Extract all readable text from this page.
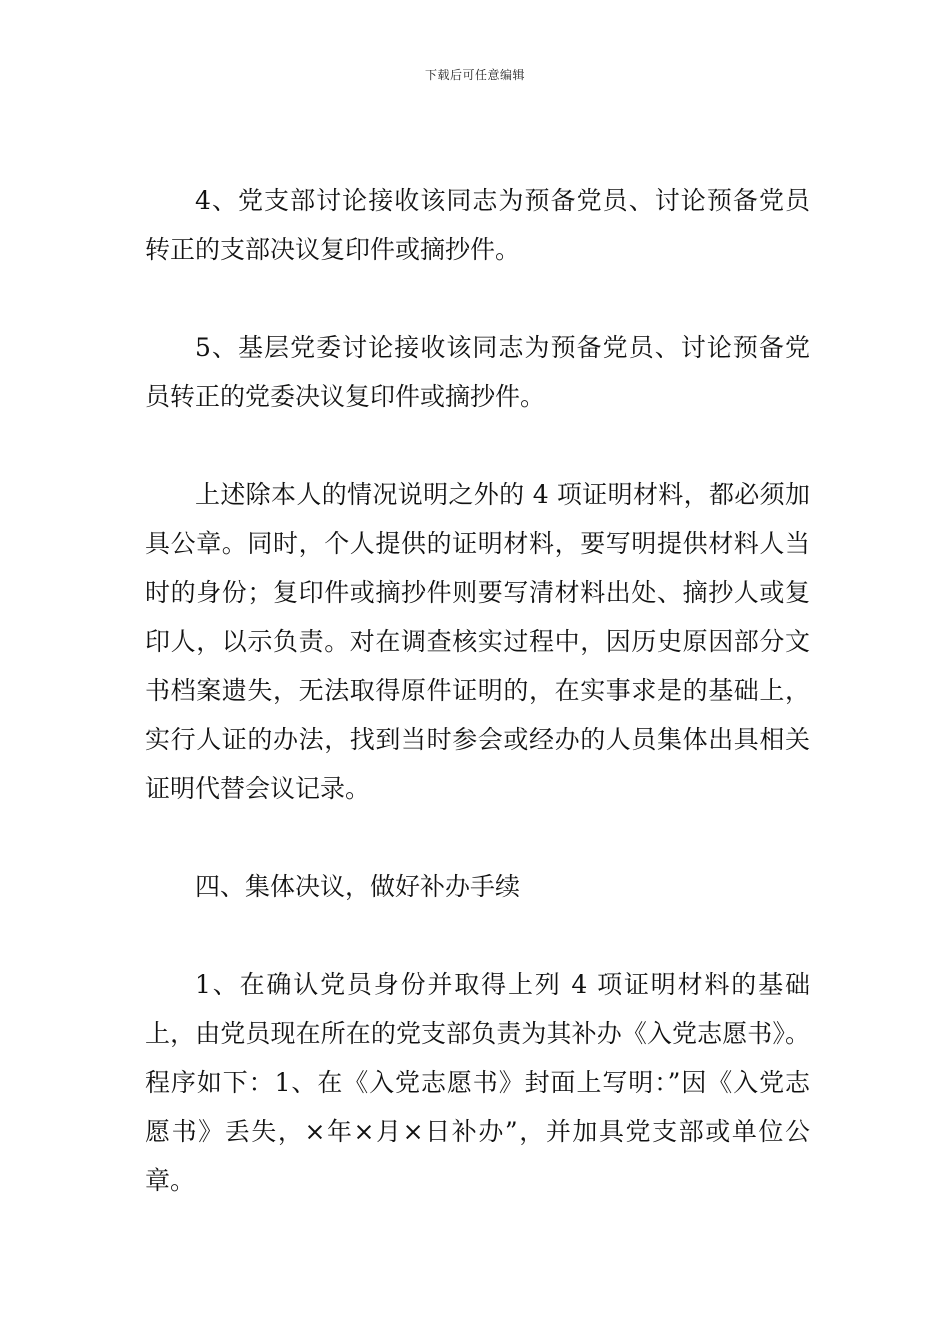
下载后可任意编辑

4、党支部讨论接收该同志为预备党员、讨论预备党员转正的支部决议复印件或摘抄件。

5、基层党委讨论接收该同志为预备党员、讨论预备党员转正的党委决议复印件或摘抄件。

上述除本人的情况说明之外的 4 项证明材料，都必须加具公章。同时，个人提供的证明材料，要写明提供材料人当时的身份；复印件或摘抄件则要写清材料出处、摘抄人或复印人，以示负责。对在调查核实过程中，因历史原因部分文书档案遗失，无法取得原件证明的，在实事求是的基础上，实行人证的办法，找到当时参会或经办的人员集体出具相关证明代替会议记录。

四、集体决议，做好补办手续

1、在确认党员身份并取得上列 4 项证明材料的基础上，由党员现在所在的党支部负责为其补办《入党志愿书》。程序如下：1、在《入党志愿书》封面上写明：”因《入党志愿书》丢失，×年×月×日补办”，并加具党支部或单位公章。
